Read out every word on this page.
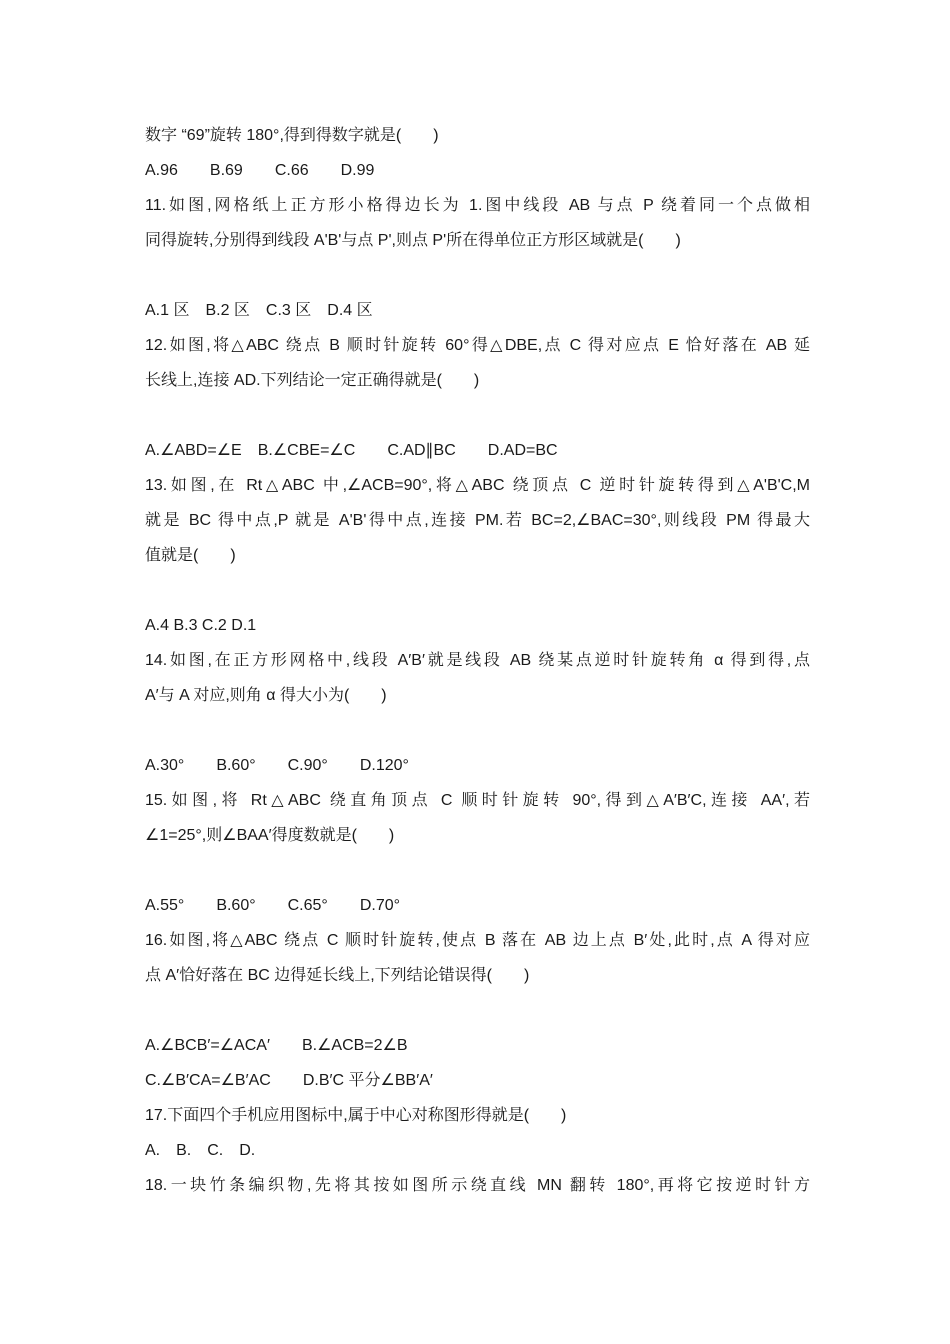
数字 “69”旋转 180°,得到得数字就是(　　)
A.96　　B.69　　C.66　　D.99
11.如图,网格纸上正方形小格得边长为 1.图中线段 AB 与点 P 绕着同一个点做相
同得旋转,分别得到线段 A'B'与点 P',则点 P'所在得单位正方形区域就是(　　)
A.1 区　B.2 区　C.3 区　D.4 区
12.如图,将△ABC 绕点 B 顺时针旋转 60°得△DBE,点 C 得对应点 E 恰好落在 AB 延
长线上,连接 AD.下列结论一定正确得就是(　　)
A.∠ABD=∠E　B.∠CBE=∠C　　C.AD∥BC　　D.AD=BC
13.如图,在 Rt△ABC 中,∠ACB=90°,将△ABC 绕顶点 C 逆时针旋转得到△A'B'C,M
就是 BC 得中点,P 就是 A'B'得中点,连接 PM.若 BC=2,∠BAC=30°,则线段 PM 得最大
值就是(　　)
A.4 B.3 C.2 D.1
14.如图,在正方形网格中,线段 A′B′就是线段 AB 绕某点逆时针旋转角 α 得到得,点
A′与 A 对应,则角 α 得大小为(　　)
A.30°　　B.60°　　C.90°　　D.120°
15.如图,将 Rt△ABC 绕直角顶点 C 顺时针旋转 90°,得到△A′B′C,连接 AA′,若
∠1=25°,则∠BAA′得度数就是(　　)
A.55°　　B.60°　　C.65°　　D.70°
16.如图,将△ABC 绕点 C 顺时针旋转,使点 B 落在 AB 边上点 B′处,此时,点 A 得对应
点 A′恰好落在 BC 边得延长线上,下列结论错误得(　　)
A.∠BCB′=∠ACA′　　B.∠ACB=2∠B
C.∠B′CA=∠B′AC　　D.B′C 平分∠BB′A′
17.下面四个手机应用图标中,属于中心对称图形得就是(　　)
A.　B.　C.　D.
18.一块竹条编织物,先将其按如图所示绕直线 MN 翻转 180°,再将它按逆时针方
